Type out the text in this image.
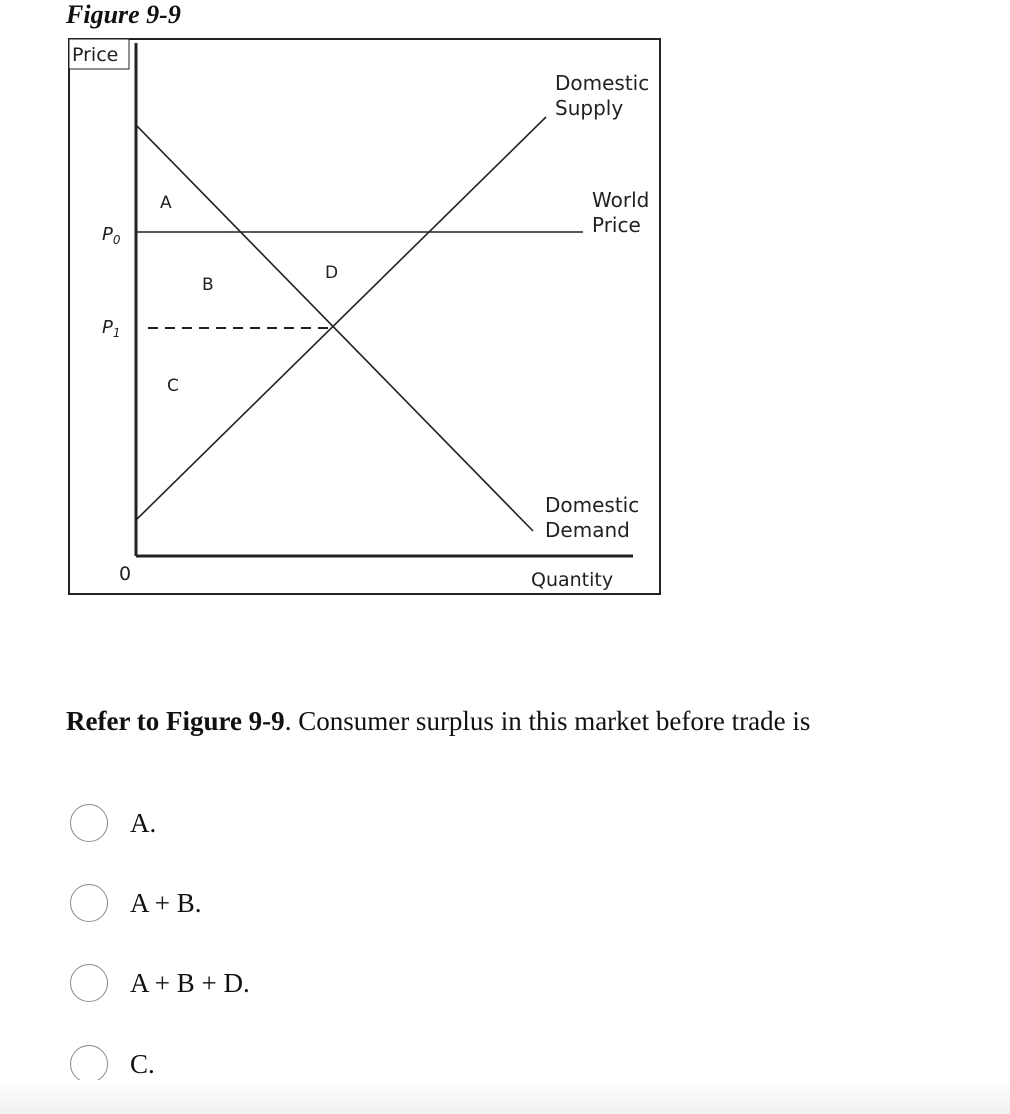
Figure 9-9
Price
0	Quantity
$P_0$
$P_1$
A
B
C
D
Domestic
Supply
World
Price
Domestic
Demand
Refer to Figure 9-9. Consumer surplus in this market before trade is
A.
A + B.
A + B + D.
C.
